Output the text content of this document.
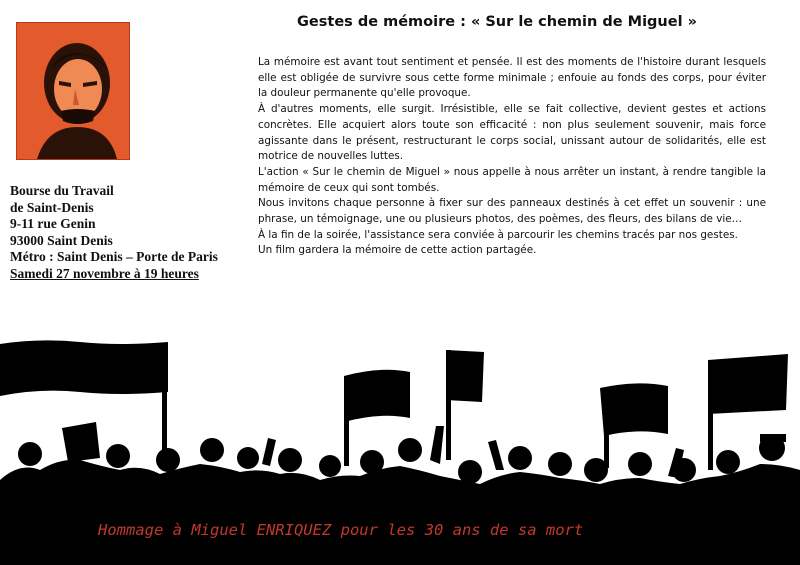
Bourse du Travail
de Saint-Denis
9-11 rue Genin
93000 Saint Denis
Métro : Saint Denis – Porte de Paris
Samedi 27 novembre à 19 heures
Gestes de mémoire : « Sur le chemin de Miguel »

La mémoire est avant tout sentiment et pensée. Il est des moments de l'histoire durant lesquels elle est obligée de survivre sous cette forme minimale ; enfouie au fonds des corps, pour éviter la douleur permanente qu'elle provoque.

À d'autres moments, elle surgit. Irrésistible, elle se fait collective, devient gestes et actions concrètes. Elle acquiert alors toute son efficacité : non plus seulement souvenir, mais force agissante dans le présent, restructurant le corps social, unissant autour de solidarités, elle est motrice de nouvelles luttes.

L'action « Sur le chemin de Miguel » nous appelle à nous arrêter un instant, à rendre tangible la mémoire de ceux qui sont tombés.

Nous invitons chaque personne à fixer sur des panneaux destinés à cet effet un souvenir : une phrase, un témoignage, une ou plusieurs photos, des poèmes, des fleurs, des bilans de vie…

À la fin de la soirée, l'assistance sera conviée à parcourir les chemins tracés par nos gestes.

Un film gardera la mémoire de cette action partagée.

Hommage à Miguel ENRIQUEZ pour les 30 ans de sa mort
